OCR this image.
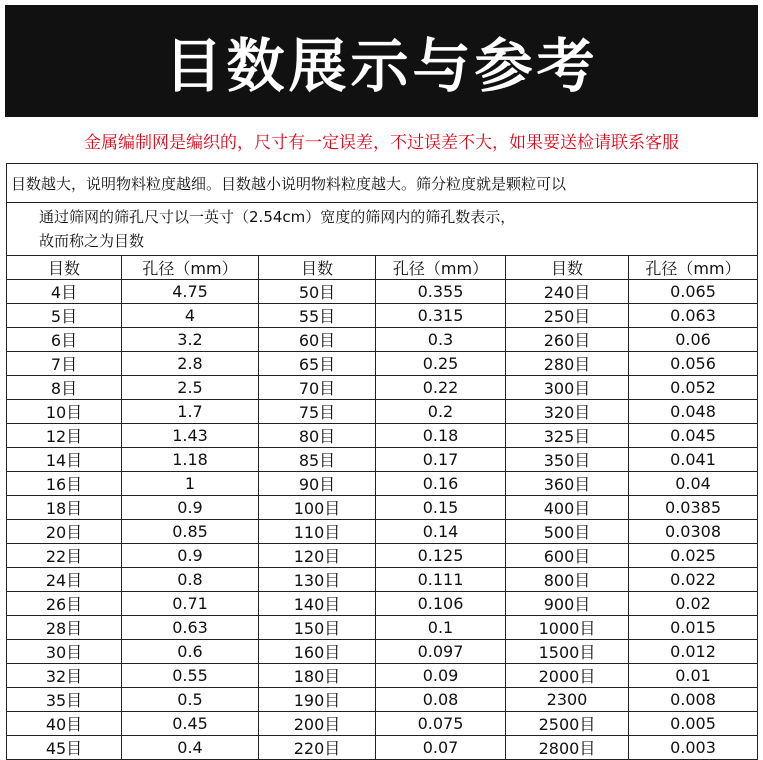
目数展示与参考
金属编制网是编织的，尺寸有一定误差，不过误差不大，如果要送检请联系客服
目数越大，说明物料粒度越细。目数越小说明物料粒度越大。筛分粒度就是颗粒可以					

通过筛网的筛孔尺寸以一英寸（2.54cm）宽度的筛网内的筛孔数表示，
故而称之为目数					

目数	孔径（mm）	目数	孔径（mm）	目数	孔径（mm）
4目	4.75	50目	0.355	240目	0.065
5目	4	55目	0.315	250目	0.063
6目	3.2	60目	0.3	260目	0.06
7目	2.8	65目	0.25	280目	0.056
8目	2.5	70目	0.22	300目	0.052
10目	1.7	75目	0.2	320目	0.048
12目	1.43	80目	0.18	325目	0.045
14目	1.18	85目	0.17	350目	0.041
16目	1	90目	0.16	360目	0.04
18目	0.9	100目	0.15	400目	0.0385
20目	0.85	110目	0.14	500目	0.0308
22目	0.9	120目	0.125	600目	0.025
24目	0.8	130目	0.111	800目	0.022
26目	0.71	140目	0.106	900目	0.02
28目	0.63	150目	0.1	1000目	0.015
30目	0.6	160目	0.097	1500目	0.012
32目	0.55	180目	0.09	2000目	0.01
35目	0.5	190目	0.08	2300	0.008
40目	0.45	200目	0.075	2500目	0.005
45目	0.4	220目	0.07	2800目	0.003
